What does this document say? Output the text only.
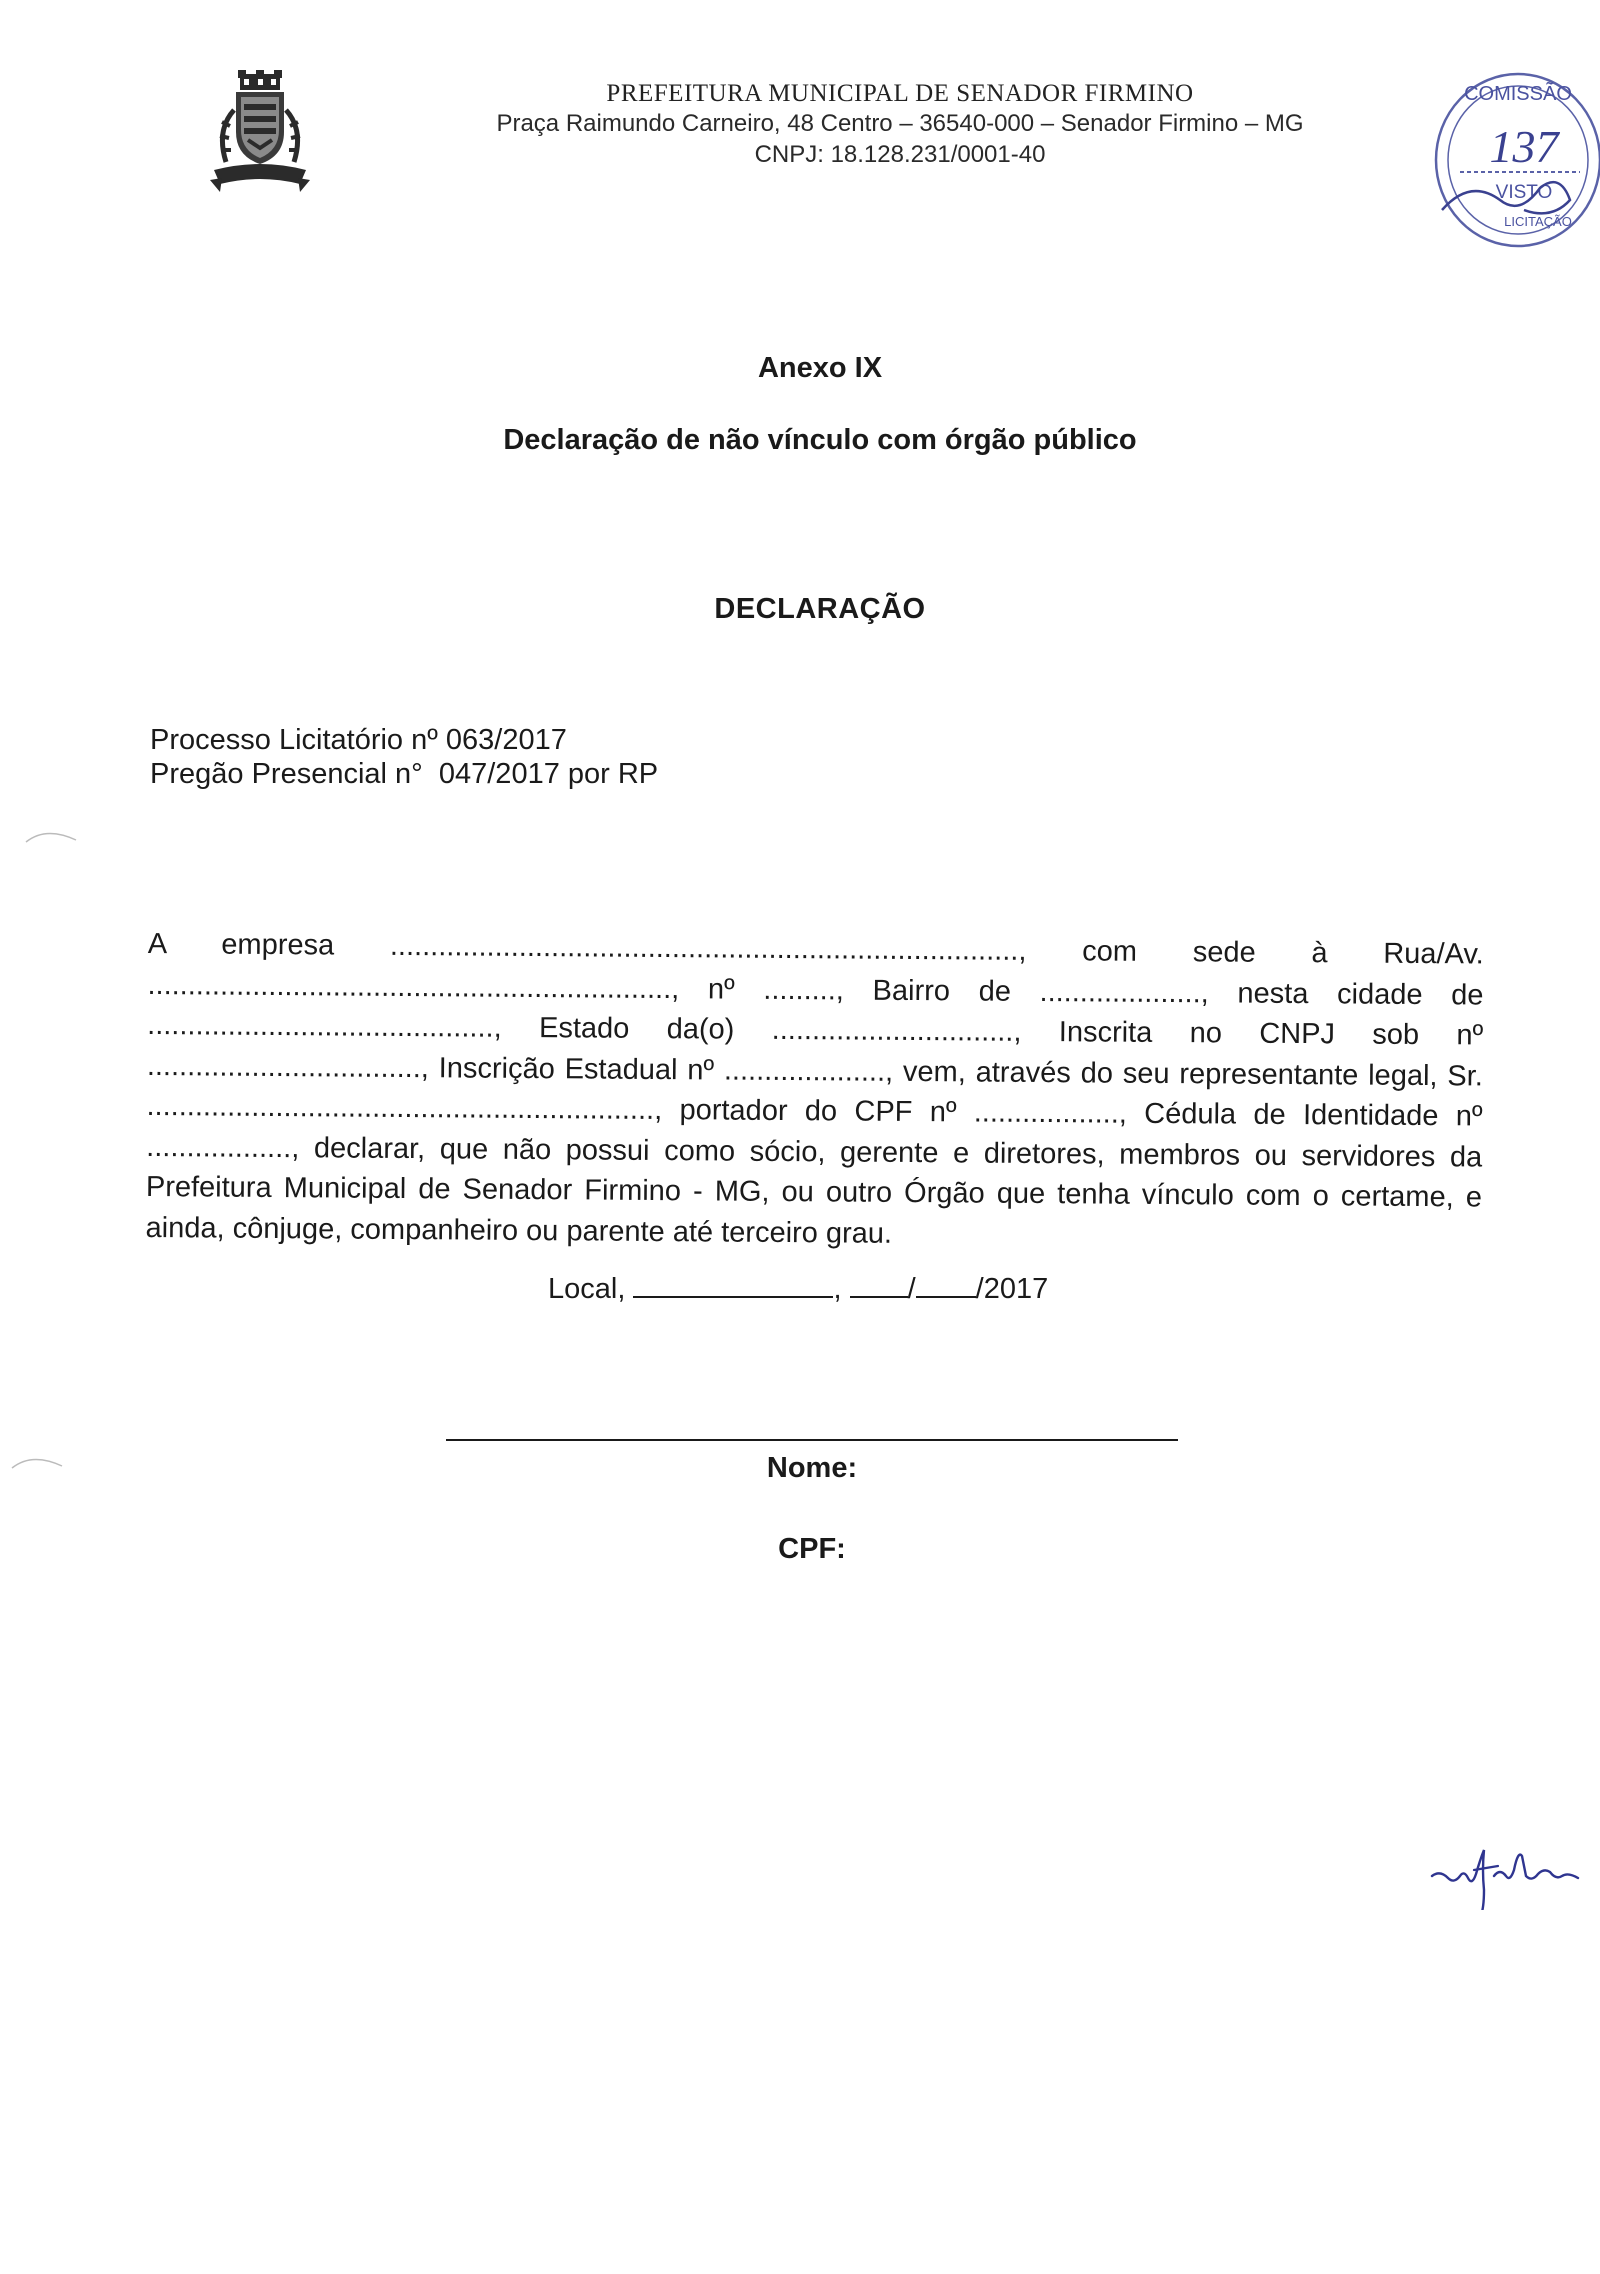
PREFEITURA MUNICIPAL DE SENADOR FIRMINO
Praça Raimundo Carneiro, 48 Centro – 36540-000 – Senador Firmino – MG
CNPJ: 18.128.231/0001-40
COMISSÃO
137
VISTO
LICITAÇÃO
Anexo IX
Declaração de não vínculo com órgão público
DECLARAÇÃO
Processo Licitatório nº 063/2017
Pregão Presencial n°  047/2017 por RP

A empresa .............................................................................., com sede à Rua/Av. ................................................................., nº ........., Bairro de ...................., nesta cidade de ..........................................., Estado da(o) .............................., Inscrita no CNPJ sob nº .................................., Inscrição Estadual nº ...................., vem, através do seu representante legal, Sr. ..............................................................., portador do CPF nº .................., Cédula de Identidade nº .................., declarar, que não possui como sócio, gerente e diretores, membros ou servidores da Prefeitura Municipal de Senador Firmino - MG, ou outro Órgão que tenha vínculo com o certame, e ainda, cônjuge, companheiro ou parente até terceiro grau.

Local,	, / /2017
Nome:
CPF:
